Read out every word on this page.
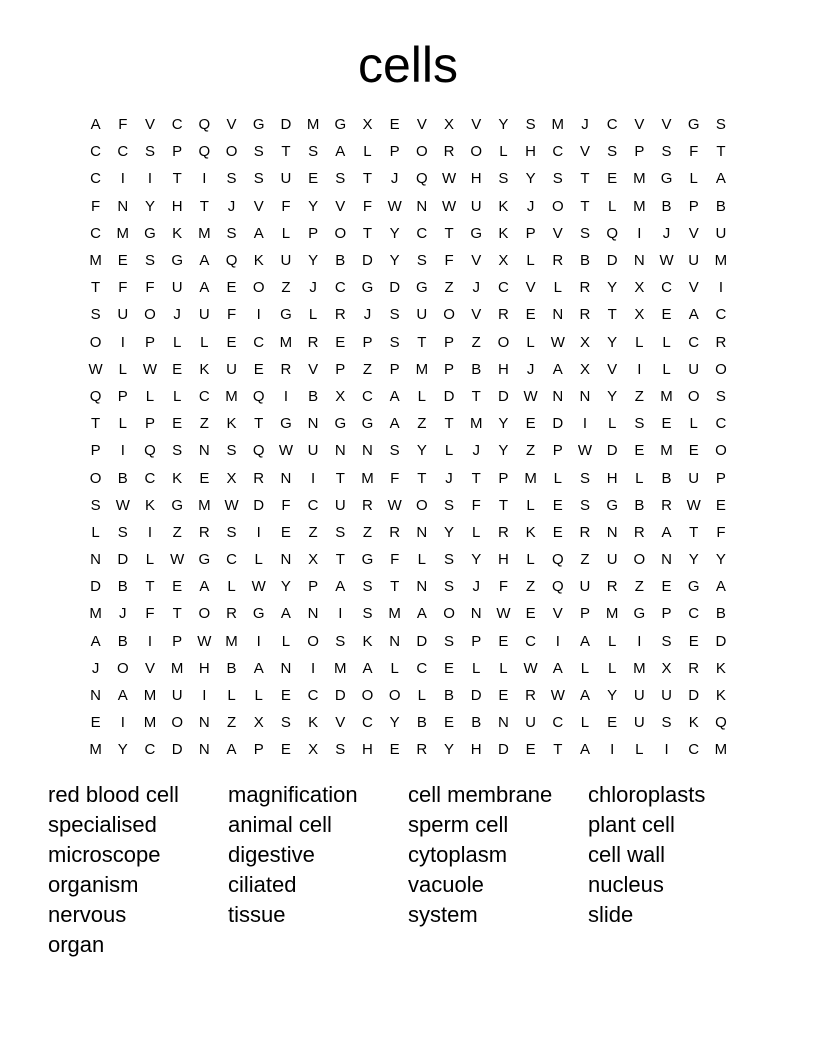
cells
A	F	V	C	Q	V	G	D	M	G	X	E	V	X	V	Y	S	M	J	C	V	V	G	S
C	C	S	P	Q	O	S	T	S	A	L	P	O	R	O	L	H	C	V	S	P	S	F	T
C	I	I	T	I	S	S	U	E	S	T	J	Q W H	S	Y	S	T	E	M	G	L	A
F	N	Y	H	T	J	V	F	Y	V	F	W N W U	K	J	O	T	L	M	B	P	B
C	M	G	K	M	S	A	L	P	O	T	Y	C	T	G	K	P	V	S	Q	I	J	V	U
M	E	S	G	A	Q	K	U	Y	B	D	Y	S	F	V	X	L	R	B	D	N W U	M
T	F	F	U	A	E	O	Z	J	C	G	D	G	Z	J	C	V	L	R	Y	X	C	V	I
S	U	O	J	U	F	I	G	L	R	J	S	U	O	V	R	E	N	R	T	X	E	A	C
O	I	P	L	L	E	C	M	R	E	P	S	T	P	Z	O	L	W	X	Y	L	L	C	R
W	L	W	E	K	U	E	R	V	P	Z	P	M	P	B	H	J	A	X	V	I	L	U	O
Q	P	L	L	C	M	Q	I	B	X	C	A	L	D	T	D W N	N	Y	Z	M	O	S
T	L	P	E	Z	K	T	G	N	G	G	A	Z	T	M	Y	E	D	I	L	S	E	L	C
P	I	Q	S	N	S	Q W U	N	N	S	Y	L	J	Y	Z	P	W D	E	M	E	O
O	B	C	K	E	X	R	N	I	T	M	F	T	J	T	P	M	L	S	H	L	B	U	P
S	W	K	G	M W D	F	C	U	R W O	S	F	T	L	E	S	G	B	R W	E
L	S	I	Z	R	S	I	E	Z	S	Z	R	N	Y	L	R	K	E	R	N	R	A	T	F
N	D	L	W G	C	L	N	X	T	G	F	L	S	Y	H	L	Q	Z	U	O	N	Y	Y
D	B	T	E	A	L	W	Y	P	A	S	T	N	S	J	F	Z	Q	U	R	Z	E	G	A
M	J	F	T	O	R	G	A	N	I	S	M	A	O	N W	E	V	P	M	G	P	C	B
A	B	I	P	W M	I	L	O	S	K	N	D	S	P	E	C	I	A	L	I	S	E	D
J	O	V	M	H	B	A	N	I	M	A	L	C	E	L	L	W	A	L	L	M	X	R	K
N	A	M	U	I	L	L	E	C	D	O	O	L	B	D	E	R W	A	Y	U	U	D	K
E	I	M	O	N	Z	X	S	K	V	C	Y	B	E	B	N	U	C	L	E	U	S	K	Q
M	Y	C	D	N	A	P	E	X	S	H	E	R	Y	H	D	E	T	A	I	L	I	C	M
red blood cell	magnification	cell membrane	chloroplasts
specialised	animal cell	sperm cell	plant cell
microscope	digestive	cytoplasm	cell wall
organism	ciliated	vacuole	nucleus
nervous	tissue	system	slide
organ
